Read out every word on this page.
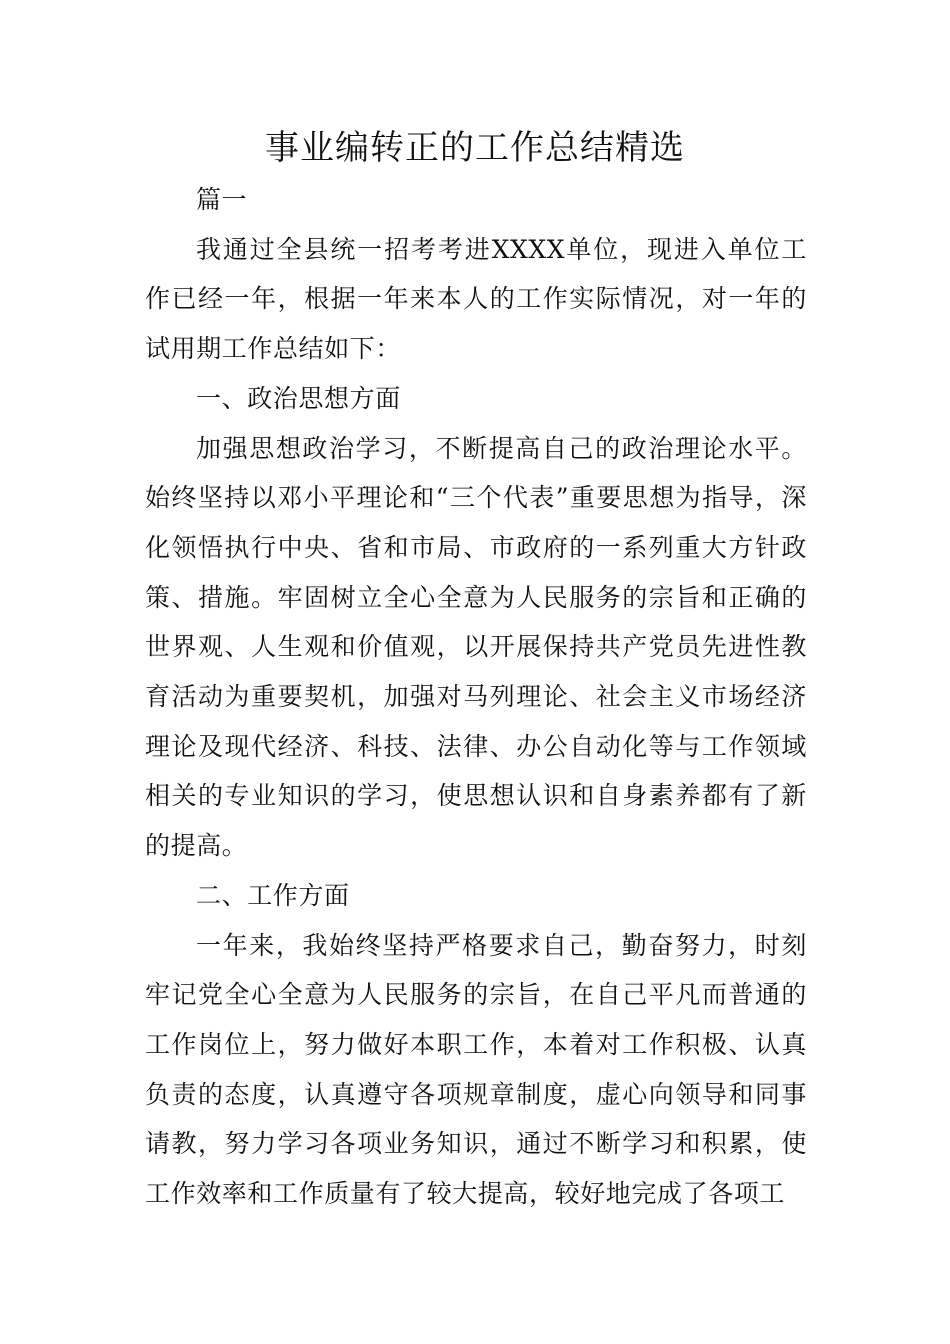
事业编转正的工作总结精选

篇一

我通过全县统一招考考进XXXX单位，现进入单位工作已经一年，根据一年来本人的工作实际情况，对一年的试用期工作总结如下：

一、政治思想方面

加强思想政治学习，不断提高自己的政治理论水平。始终坚持以邓小平理论和“三个代表”重要思想为指导，深化领悟执行中央、省和市局、市政府的一系列重大方针政策、措施。牢固树立全心全意为人民服务的宗旨和正确的世界观、人生观和价值观，以开展保持共产党员先进性教育活动为重要契机，加强对马列理论、社会主义市场经济理论及现代经济、科技、法律、办公自动化等与工作领域相关的专业知识的学习，使思想认识和自身素养都有了新的提高。

二、工作方面

一年来，我始终坚持严格要求自己，勤奋努力，时刻牢记党全心全意为人民服务的宗旨，在自己平凡而普通的工作岗位上，努力做好本职工作，本着对工作积极、认真负责的态度，认真遵守各项规章制度，虚心向领导和同事请教，努力学习各项业务知识，通过不断学习和积累，使工作效率和工作质量有了较大提高，较好地完成了各项工
